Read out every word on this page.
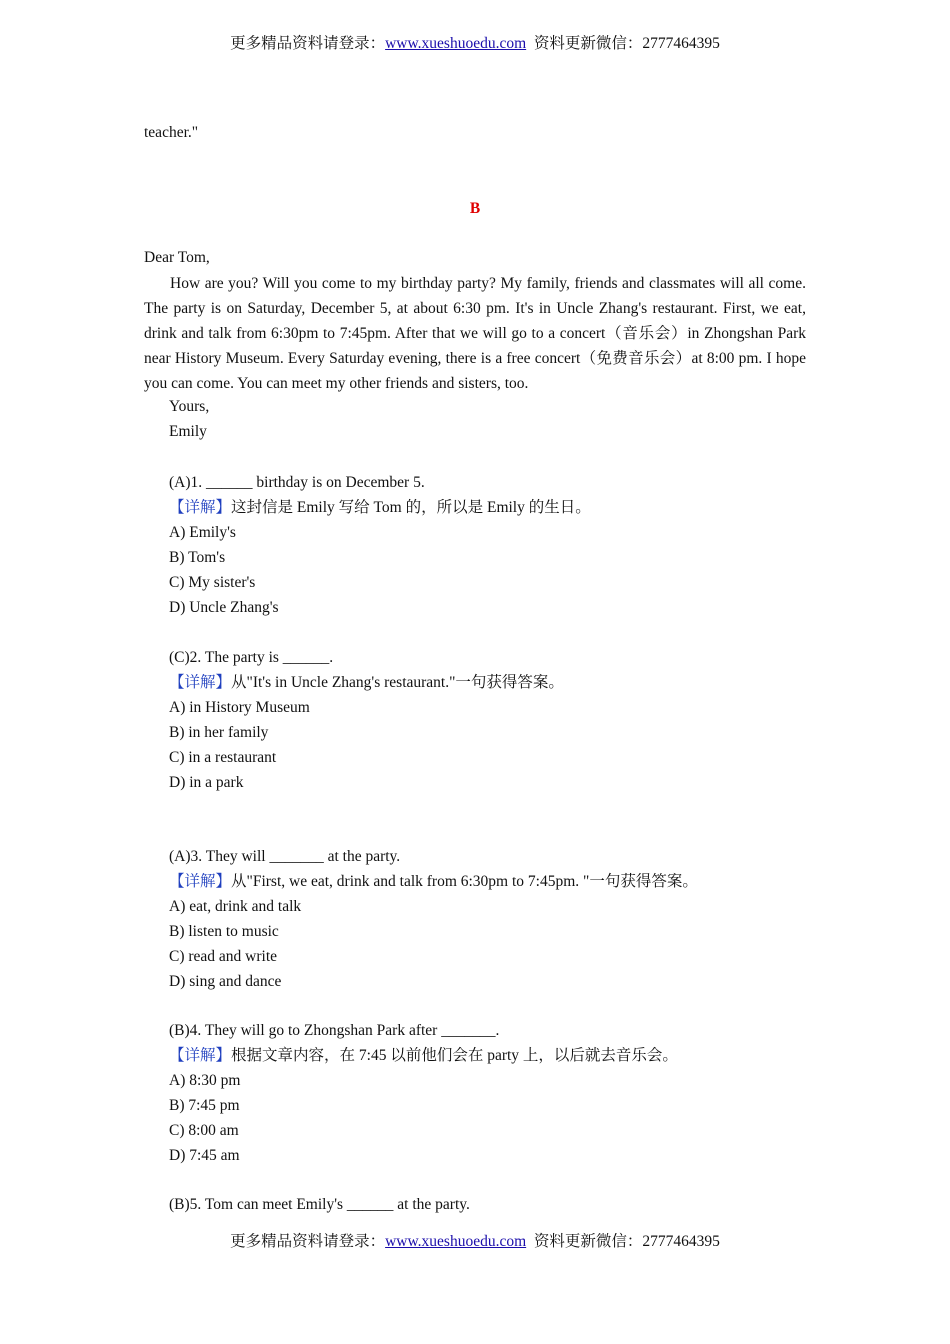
更多精品资料请登录：www.xueshuoedu.com 资料更新微信：2777464395
teacher."
B
Dear Tom,
How are you? Will you come to my birthday party? My family, friends and classmates will all come. The party is on Saturday, December 5, at about 6:30 pm. It's in Uncle Zhang's restaurant. First, we eat, drink and talk from 6:30pm to 7:45pm. After that we will go to a concert（音乐会）in Zhongshan Park near History Museum. Every Saturday evening, there is a free concert（免费音乐会）at 8:00 pm. I hope you can come. You can meet my other friends and sisters, too.
Yours,
Emily
(A)1. ______ birthday is on December 5.
【详解】这封信是 Emily 写给 Tom 的，所以是 Emily 的生日。
A) Emily's
B) Tom's
C) My sister's
D) Uncle Zhang's
(C)2. The party is ______.
【详解】从"It's in Uncle Zhang's restaurant."一句获得答案。
A) in History Museum
B) in her family
C) in a restaurant
D) in a park
(A)3. They will _______ at the party.
【详解】从"First, we eat, drink and talk from 6:30pm to 7:45pm. "一句获得答案。
A) eat, drink and talk
B) listen to music
C) read and write
D) sing and dance
(B)4. They will go to Zhongshan Park after _______.
【详解】根据文章内容，在 7:45 以前他们会在 party 上，以后就去音乐会。
A) 8:30 pm
B) 7:45 pm
C) 8:00 am
D) 7:45 am
(B)5. Tom can meet Emily's ______ at the party.
更多精品资料请登录：www.xueshuoedu.com 资料更新微信：2777464395
